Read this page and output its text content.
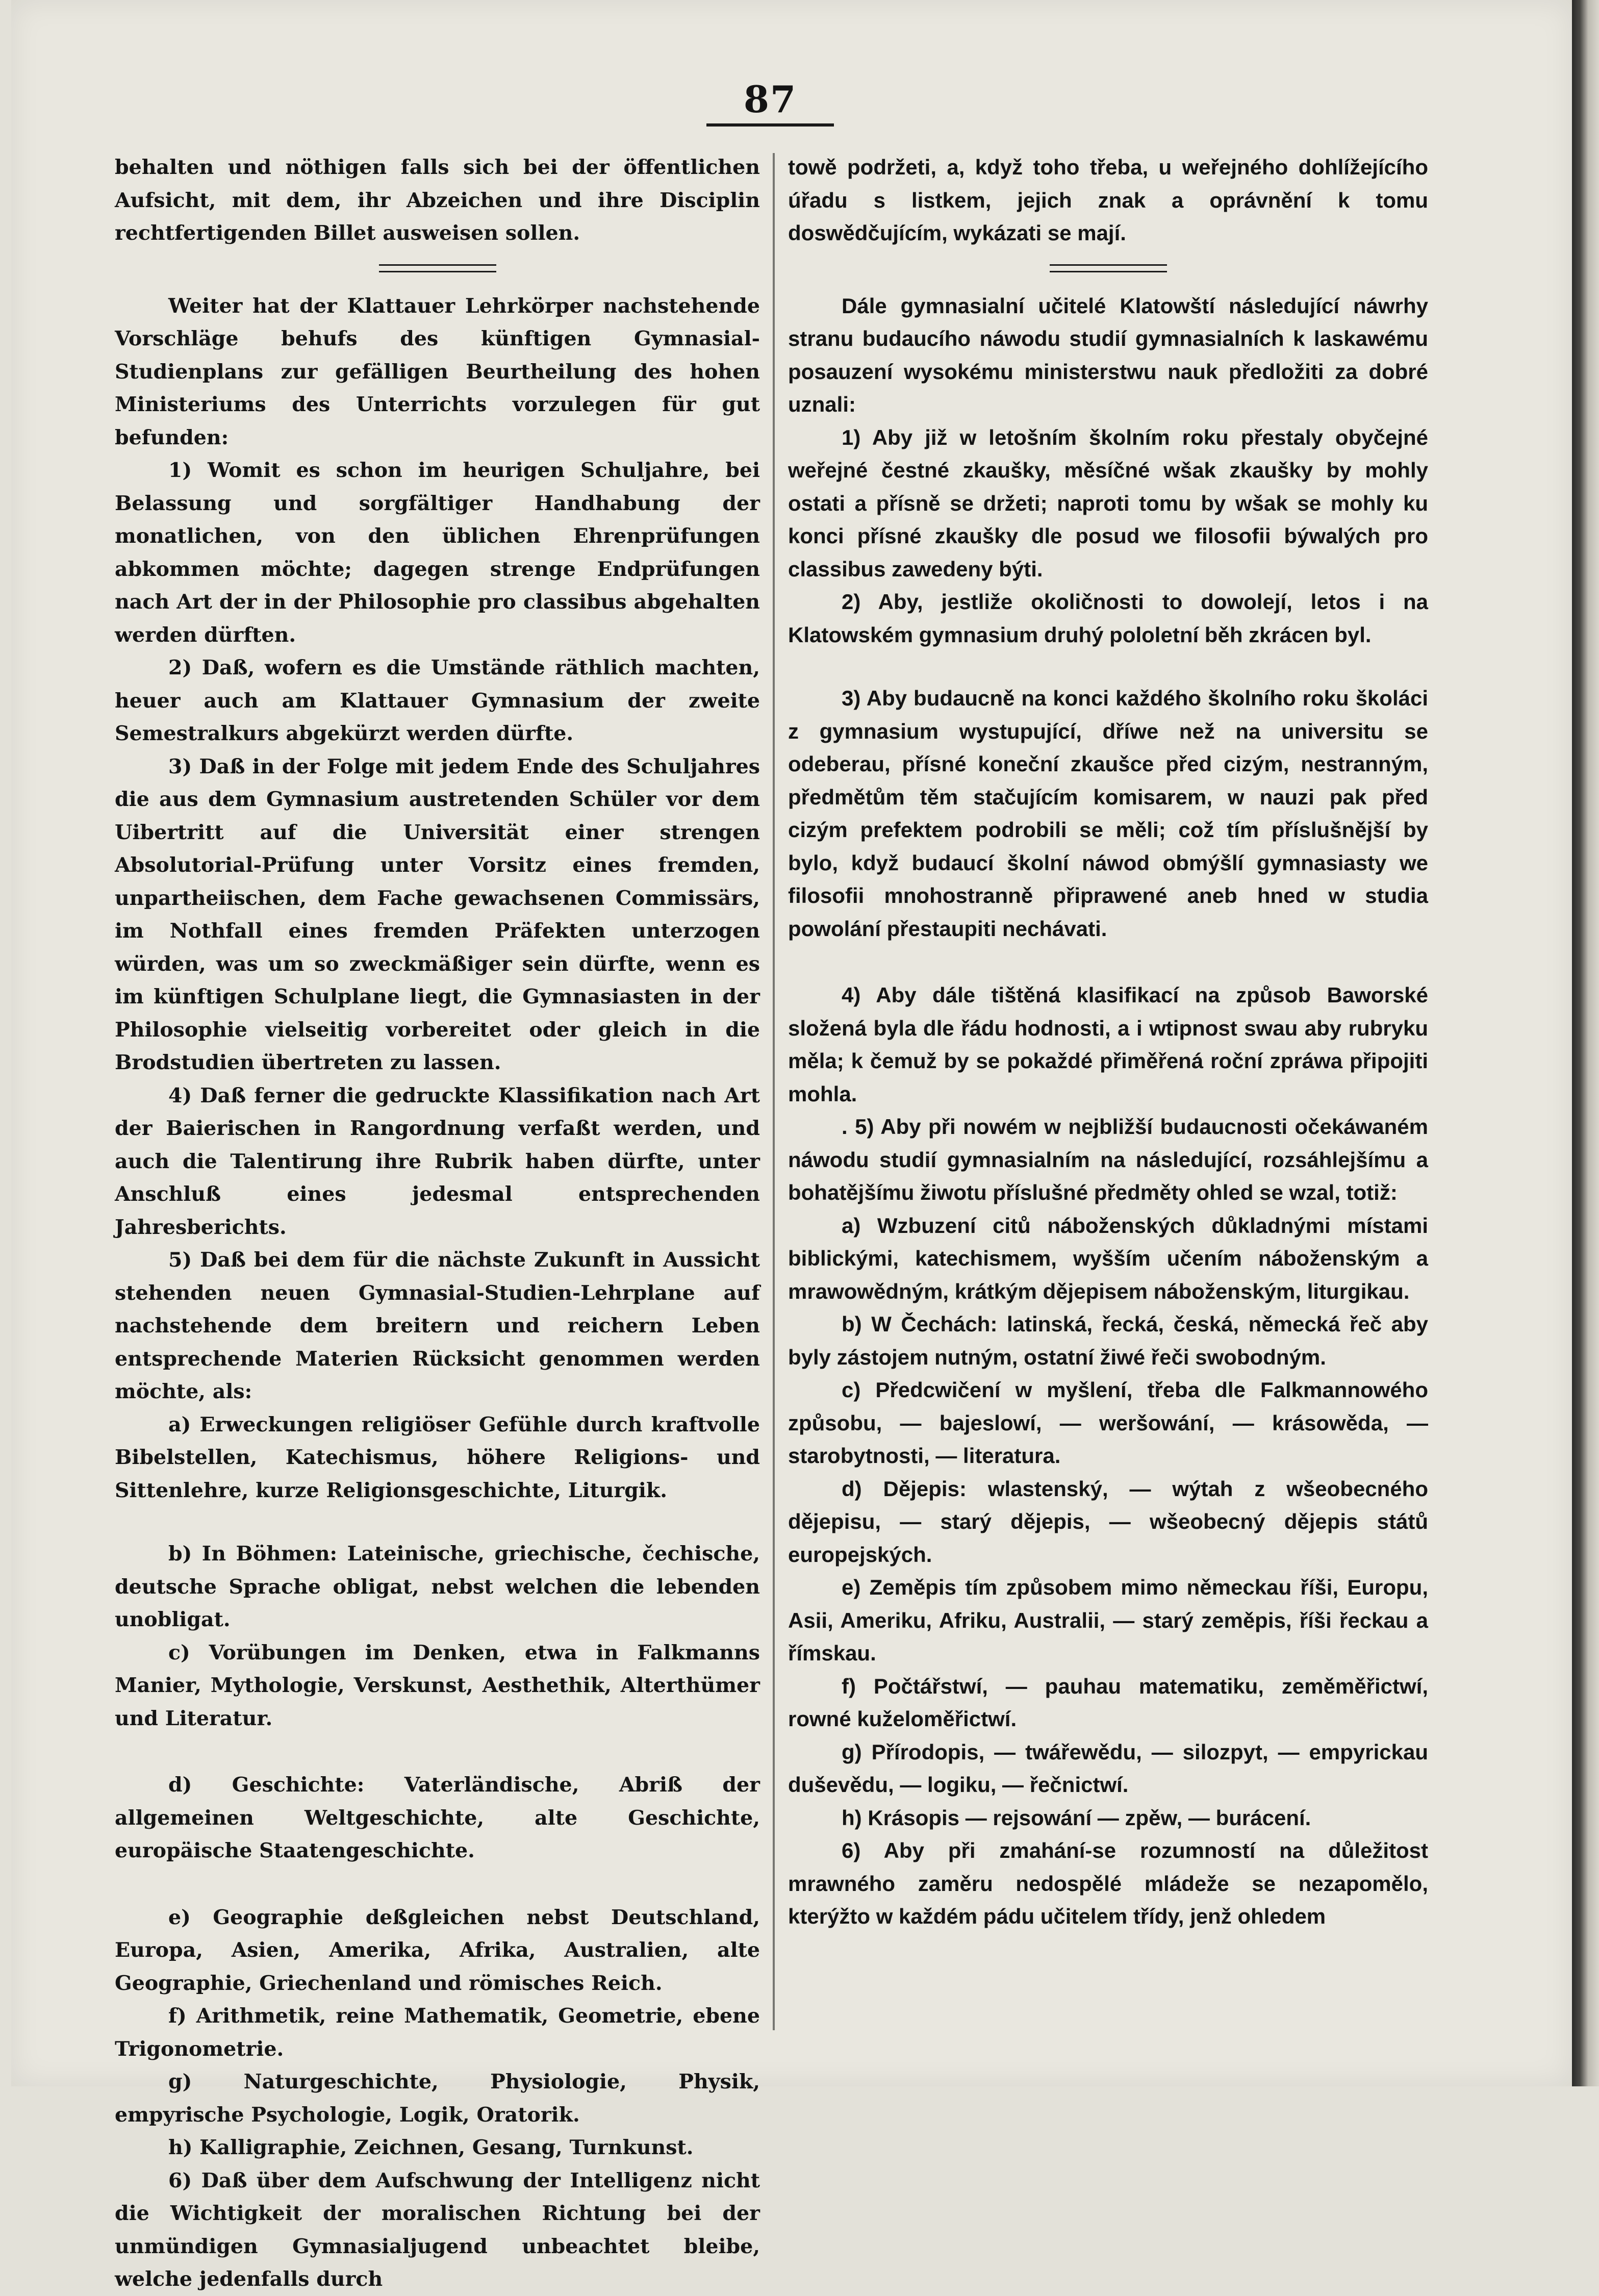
87

behalten und nöthigen falls sich bei der öffentlichen Aufsicht, mit dem, ihr Abzeichen und ihre Disciplin rechtfertigenden Billet ausweisen sollen.

Weiter hat der Klattauer Lehrkörper nachstehende Vorschläge behufs des künftigen Gymnasial-Studienplans zur gefälligen Beurtheilung des hohen Ministeriums des Unterrichts vorzulegen für gut befunden:

1) Womit es schon im heurigen Schuljahre, bei Belassung und sorgfältiger Handhabung der monatlichen, von den üblichen Ehrenprüfungen abkommen möchte; dagegen strenge Endprüfungen nach Art der in der Philosophie pro classibus abgehalten werden dürften.

2) Daß, wofern es die Umstände räthlich machten, heuer auch am Klattauer Gymnasium der zweite Semestralkurs abgekürzt werden dürfte.

3) Daß in der Folge mit jedem Ende des Schuljahres die aus dem Gymnasium austretenden Schüler vor dem Uibertritt auf die Universität einer strengen Absolutorial-Prüfung unter Vorsitz eines fremden, unpartheiischen, dem Fache gewachsenen Commissärs, im Nothfall eines fremden Präfekten unterzogen würden, was um so zweckmäßiger sein dürfte, wenn es im künftigen Schulplane liegt, die Gymnasiasten in der Philosophie vielseitig vorbereitet oder gleich in die Brodstudien übertreten zu lassen.

4) Daß ferner die gedruckte Klassifikation nach Art der Baierischen in Rangordnung verfaßt werden, und auch die Talentirung ihre Rubrik haben dürfte, unter Anschluß eines jedesmal entsprechenden Jahresberichts.

5) Daß bei dem für die nächste Zukunft in Aussicht stehenden neuen Gymnasial-Studien-Lehrplane auf nachstehende dem breitern und reichern Leben entsprechende Materien Rücksicht genommen werden möchte, als:

a) Erweckungen religiöser Gefühle durch kraftvolle Bibelstellen, Katechismus, höhere Religions- und Sittenlehre, kurze Religionsgeschichte, Liturgik.

b) In Böhmen: Lateinische, griechische, čechische, deutsche Sprache obligat, nebst welchen die lebenden unobligat.

c) Vorübungen im Denken, etwa in Falkmanns Manier, Mythologie, Verskunst, Aesthethik, Alterthümer und Literatur.

d) Geschichte: Vaterländische, Abriß der allgemeinen Weltgeschichte, alte Geschichte, europäische Staatengeschichte.

e) Geographie deßgleichen nebst Deutschland, Europa, Asien, Amerika, Afrika, Australien, alte Geographie, Griechenland und römisches Reich.

f) Arithmetik, reine Mathematik, Geometrie, ebene Trigonometrie.

g) Naturgeschichte, Physiologie, Physik, empyrische Psychologie, Logik, Oratorik.

h) Kalligraphie, Zeichnen, Gesang, Turnkunst.

6) Daß über dem Aufschwung der Intelligenz nicht die Wichtigkeit der moralischen Richtung bei der unmündigen Gymnasialjugend unbeachtet bleibe, welche jedenfalls durch

towě podržeti, a, když toho třeba, u weřejného dohlížejícího úřadu s listkem, jejich znak a oprávnění k tomu doswědčujícím, wykázati se mají.

Dále gymnasialní učitelé Klatowští následující náwrhy stranu budaucího náwodu studií gymnasialních k laskawému posauzení wysokému ministerstwu nauk předložiti za dobré uznali:

1) Aby již w letošním školním roku přestaly obyčejné weřejné čestné zkaušky, měsíčné wšak zkaušky by mohly ostati a přísně se držeti; naproti tomu by wšak se mohly ku konci přísné zkaušky dle posud we filosofii býwalých pro classibus zawedeny býti.

2) Aby, jestliže okoličnosti to dowolejí, letos i na Klatowském gymnasium druhý pololetní běh zkrácen byl.

3) Aby budaucně na konci každého školního roku školáci z gymnasium wystupující, dříwe než na universitu se odeberau, přísné koneční zkaušce před cizým, nestranným, předmětům těm stačujícím komisarem, w nauzi pak před cizým prefektem podrobili se měli; což tím příslušnější by bylo, když budaucí školní náwod obmýšlí gymnasiasty we filosofii mnohostranně připrawené aneb hned w studia powolání přestaupiti nechávati.

4) Aby dále tištěná klasifikací na způsob Baworské složená byla dle řádu hodnosti, a i wtipnost swau aby rubryku měla; k čemuž by se pokaždé přiměřená roční zpráwa připojiti mohla.

. 5) Aby při nowém w nejbližší budaucnosti očekáwaném náwodu studií gymnasialním na následující, rozsáhlejšímu a bohatějšímu žiwotu příslušné předměty ohled se wzal, totiž:

a) Wzbuzení citů náboženských důkladnými místami biblickými, katechismem, wyšším učením náboženským a mrawowědným, krátkým dějepisem náboženským, liturgikau.

b) W Čechách: latinská, řecká, česká, německá řeč aby byly zástojem nutným, ostatní žiwé řeči swobodným.

c) Předcwičení w myšlení, třeba dle Falkmannowého způsobu, — bajeslowí, — weršowání, — krásowěda, — starobytnosti, — literatura.

d) Dějepis: wlastenský, — wýtah z wšeobecného dějepisu, — starý dějepis, — wšeobecný dějepis států europejských.

e) Zeměpis tím způsobem mimo německau říši, Europu, Asii, Ameriku, Afriku, Australii, — starý zeměpis, říši řeckau a římskau.

f) Počtářstwí, — pauhau matematiku, zeměměřictwí, rowné kuželoměřictwí.

g) Přírodopis, — twářewědu, — silozpyt, — empyrickau duševědu, — logiku, — řečnictwí.

h) Krásopis — rejsowání — zpěw, — burácení.

6) Aby při zmahání-se rozumností na důležitost mrawného zaměru nedospělé mládeže se nezapomělo, kterýžto w každém pádu učitelem třídy, jenž ohledem
